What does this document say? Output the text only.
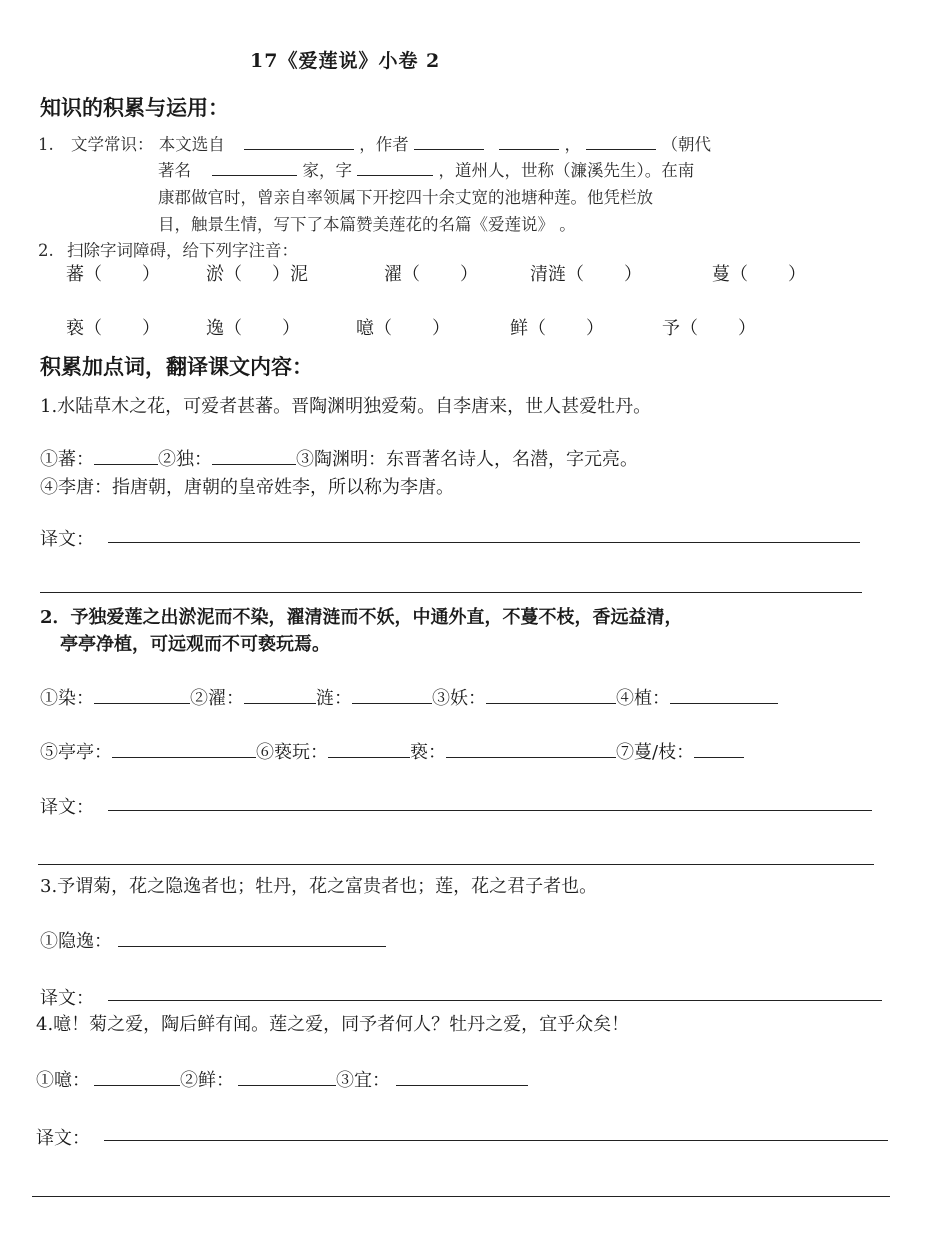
17《爱莲说》小卷 2
知识的积累与运用：
1. 文学常识： 本文选自	，作者	，	（朝代
著名	家，字	，道州人，世称（濂溪先生）。在南
康郡做官时，曾亲自率领属下开挖四十余丈宽的池塘种莲。他凭栏放
目，触景生情，写下了本篇赞美莲花的名篇《爱莲说》 。
2. 扫除字词障碍，给下列字注音：
蕃（ ）	淤（ ）泥	濯（ ）	清涟（ ）	蔓（ ）
亵（ ）	逸（ ）	噫（ ）	鲜（ ）	予（ ）
积累加点词，翻译课文内容：
1.水陆草木之花，可爱者甚蕃。晋陶渊明独爱菊。自李唐来，世人甚爱牡丹。
①蕃：	②独：	③陶渊明：东晋著名诗人，名潜，字元亮。
④李唐：指唐朝，唐朝的皇帝姓李，所以称为李唐。
译文：
2．予独爱莲之出淤泥而不染，濯清涟而不妖，中通外直，不蔓不枝，香远益清，
亭亭净植，可远观而不可亵玩焉。
①染：	②濯：	涟：	③妖：	④植：
⑤亭亭：	⑥亵玩：	亵：	⑦蔓/枝：
译文：
3.予谓菊，花之隐逸者也；牡丹，花之富贵者也；莲，花之君子者也。
①隐逸：
译文：
4.噫！菊之爱，陶后鲜有闻。莲之爱，同予者何人？牡丹之爱，宜乎众矣！
①噫：	②鲜：	③宜：
译文：
